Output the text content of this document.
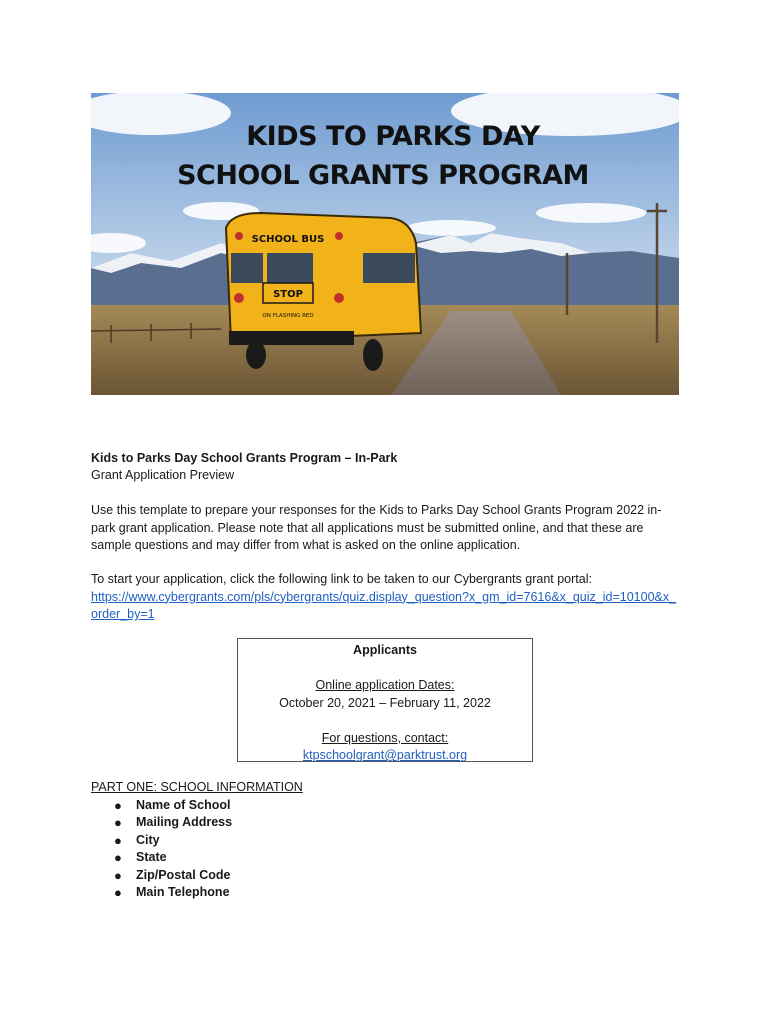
SCHOOL BUS
STOP
ON FLASHING RED
KIDS TO PARKS DAY
SCHOOL GRANTS PROGRAM
Kids to Parks Day School Grants Program – In-Park
Grant Application Preview
Use this template to prepare your responses for the Kids to Parks Day School Grants Program 2022 in-park grant application. Please note that all applications must be submitted online, and that these are sample questions and may differ from what is asked on the online application.
To start your application, click the following link to be taken to our Cybergrants grant portal:
https://www.cybergrants.com/pls/cybergrants/quiz.display_question?x_gm_id=7616&x_quiz_id=10100&x_order_by=1
Applicants
Online application Dates:
October 20, 2021 – February 11, 2022
For questions, contact:
ktpschoolgrant@parktrust.org
PART ONE: SCHOOL INFORMATION
● Name of School
● Mailing Address
● City
● State
● Zip/Postal Code
● Main Telephone
